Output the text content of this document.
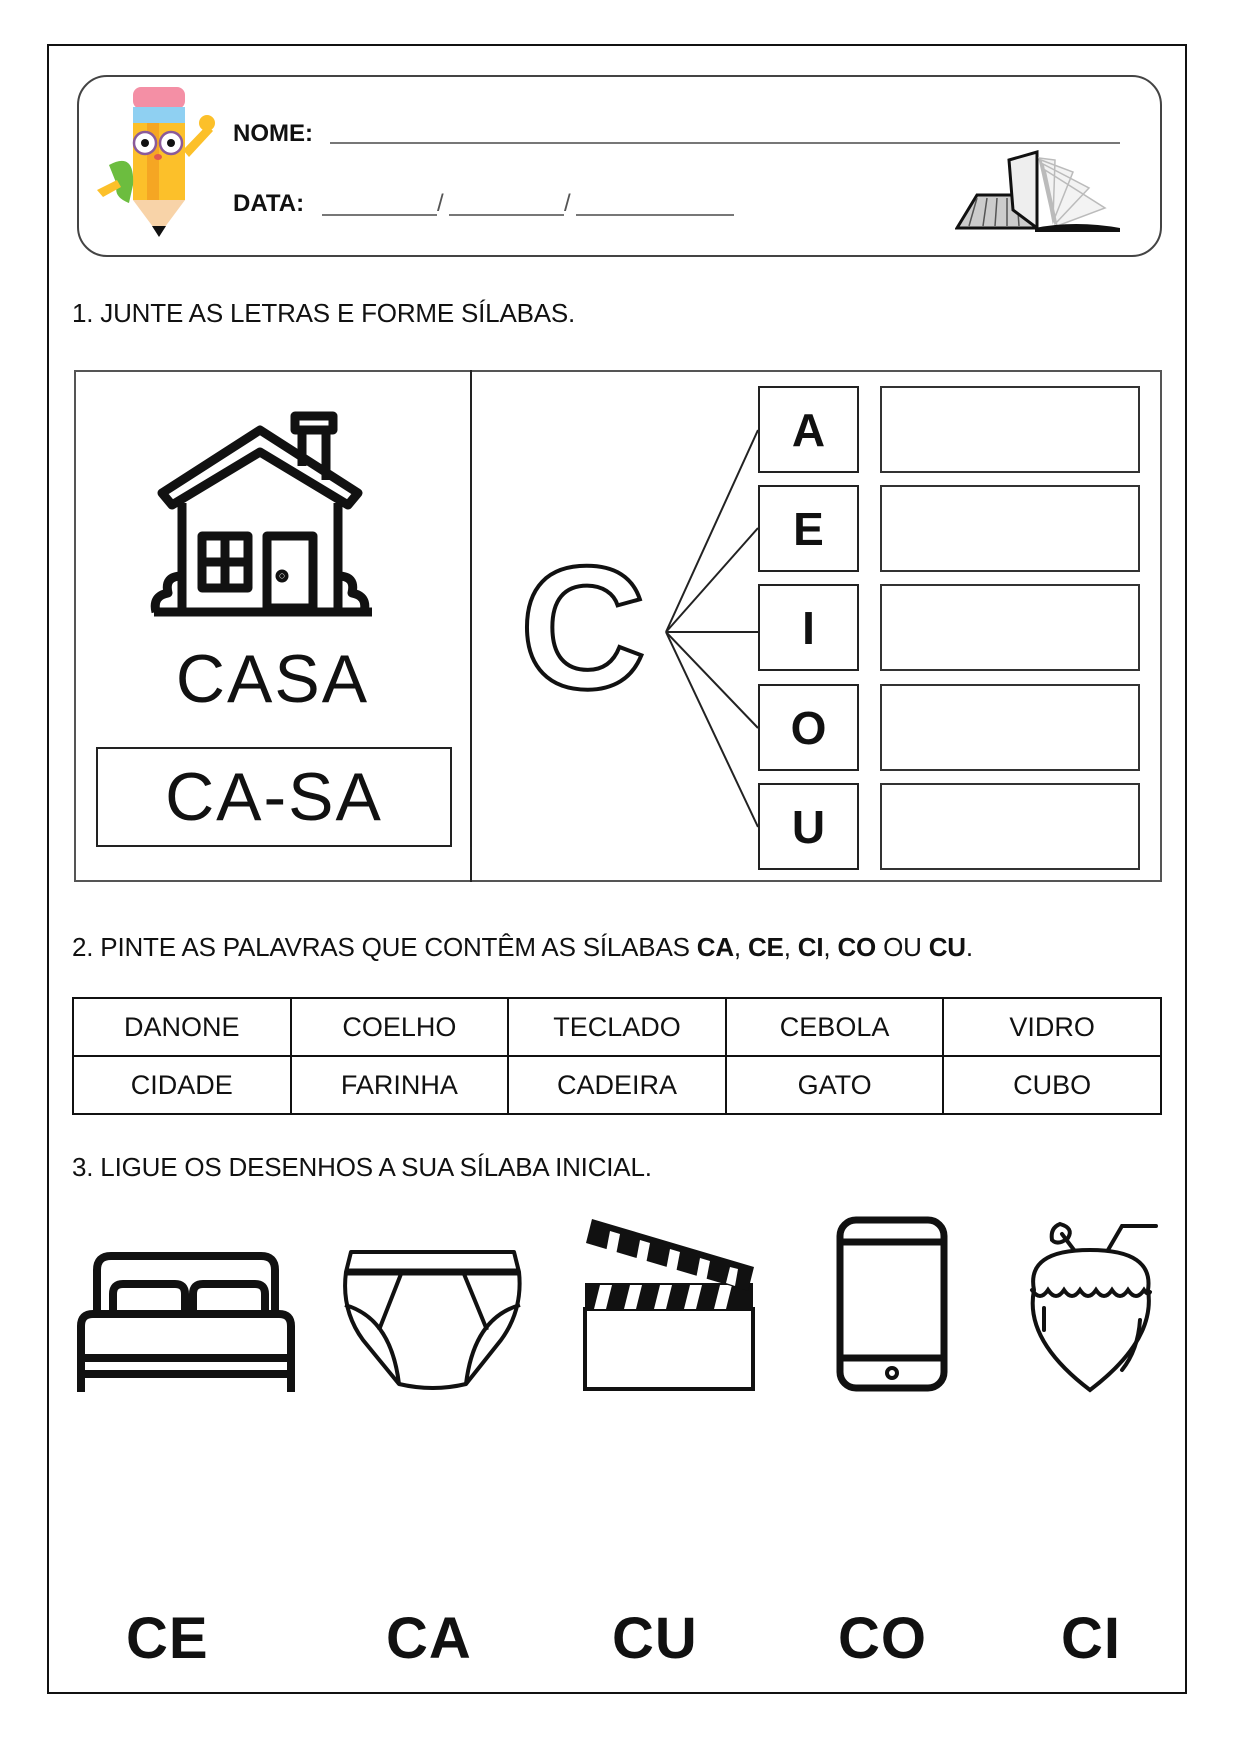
NOME:
DATA:	/	/
1. JUNTE AS LETRAS E FORME SÍLABAS.
CASA
CA-SA
C
A
E
I
O
U
2. PINTE AS PALAVRAS QUE CONTÊM AS SÍLABAS CA, CE, CI, CO OU CU.
DANONE	COELHO	TECLADO	CEBOLA	VIDRO
CIDADE	FARINHA	CADEIRA	GATO	CUBO
3. LIGUE OS DESENHOS A SUA SÍLABA INICIAL.
CE	CA CU CO CI
